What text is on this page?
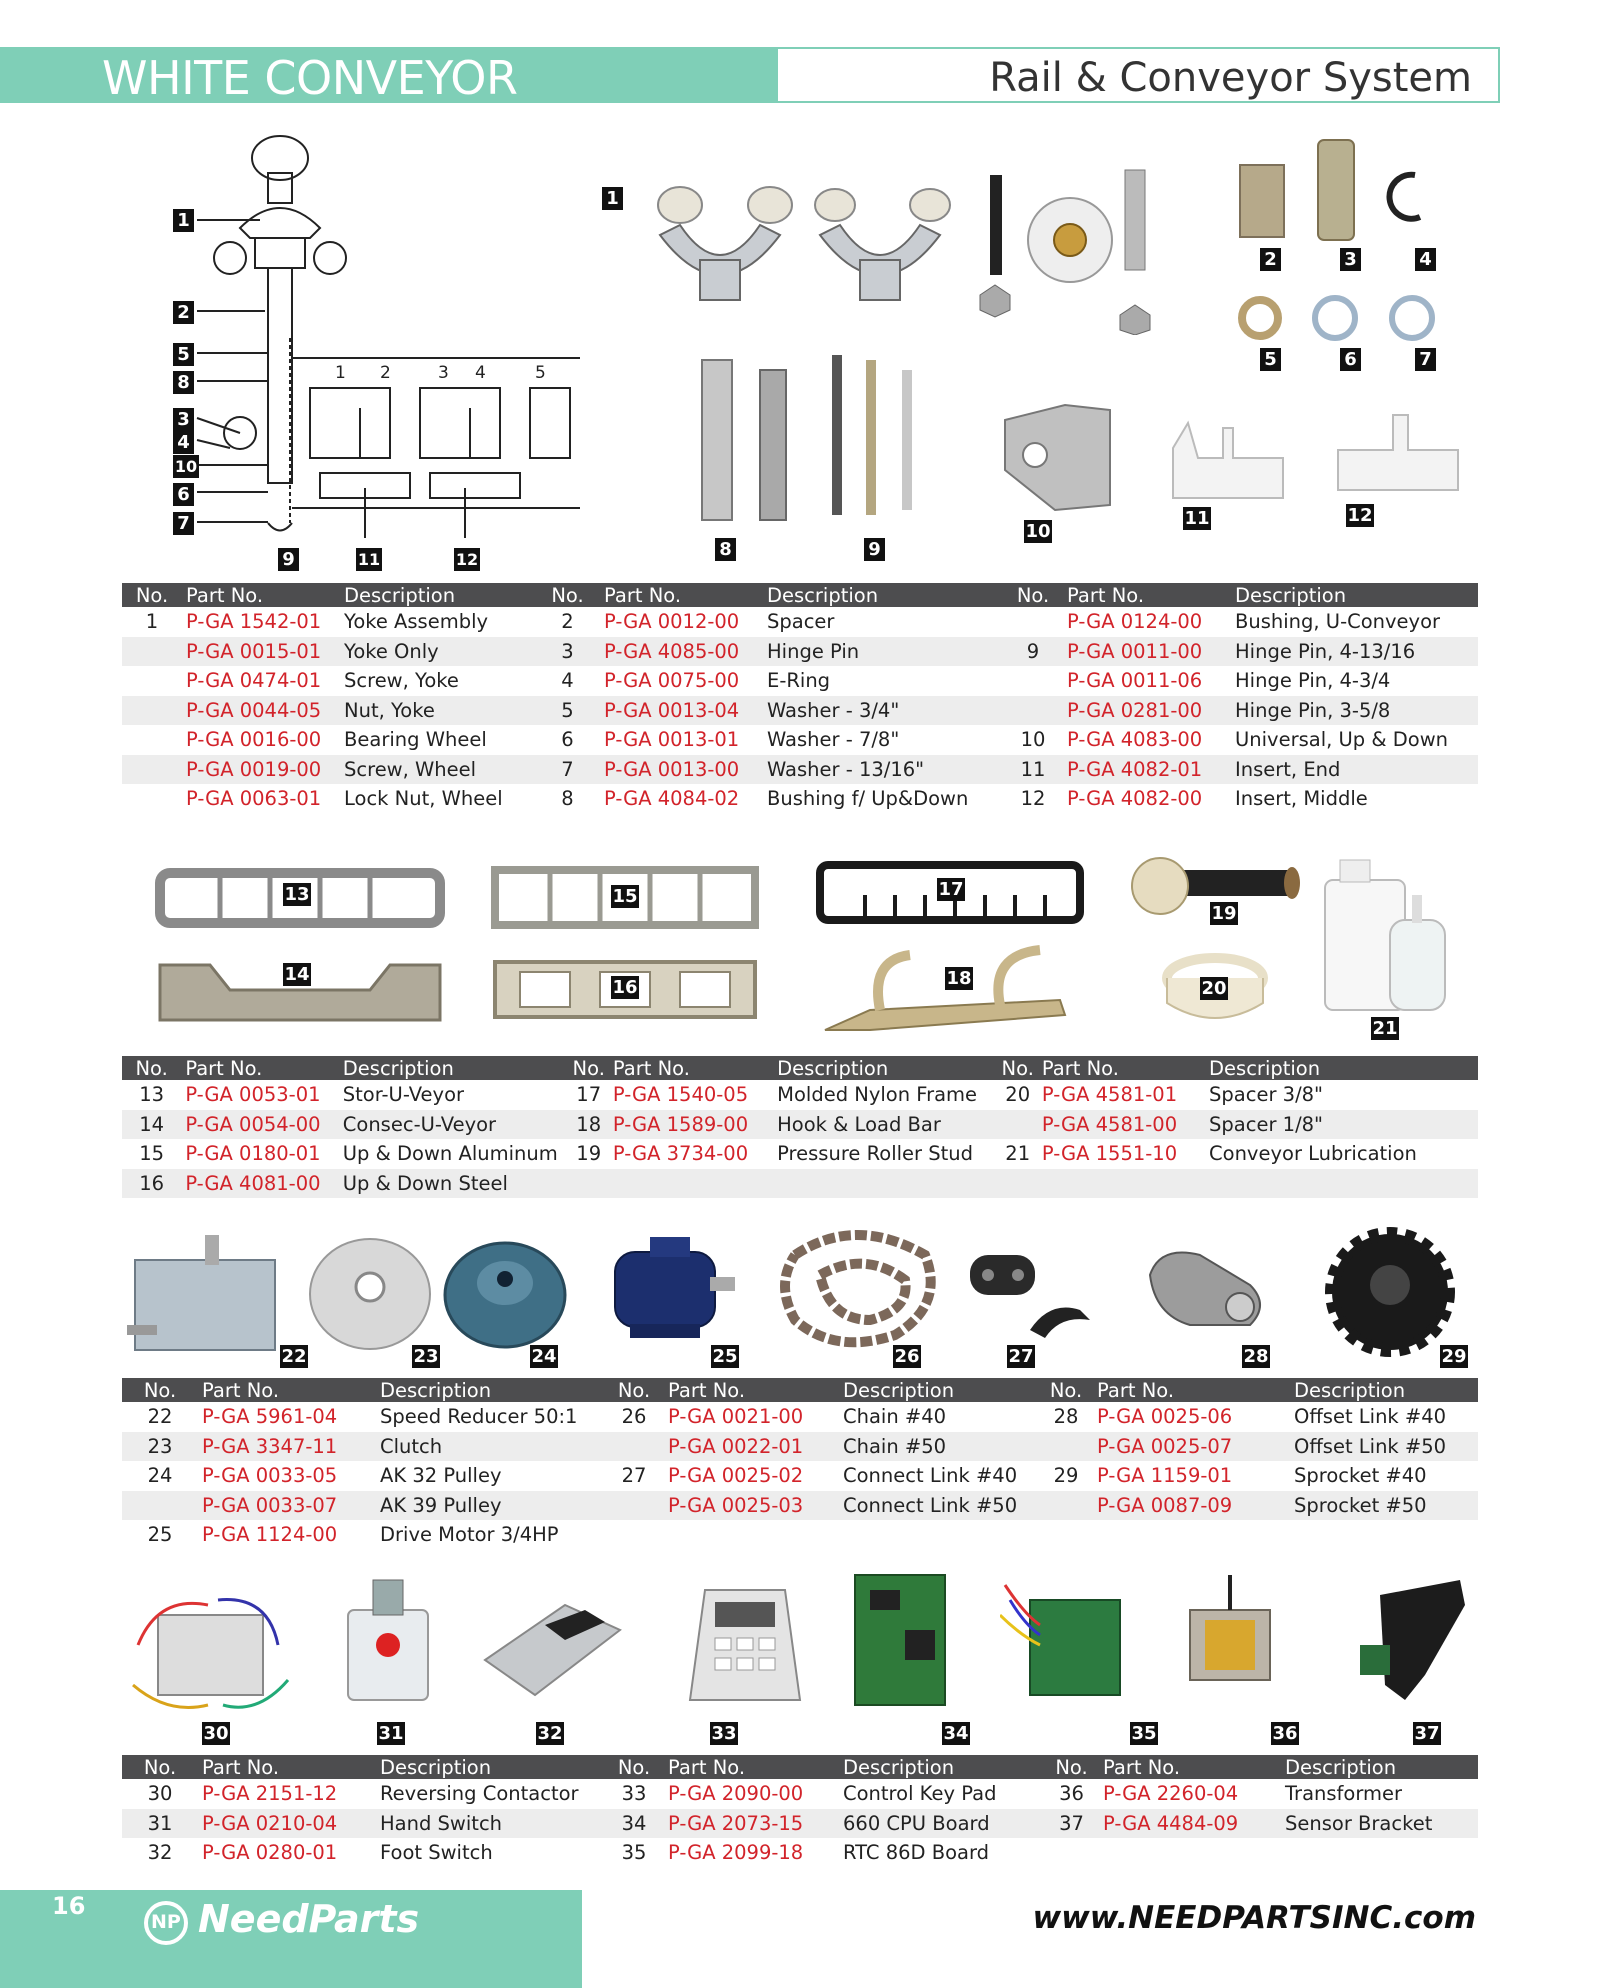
WHITE CONVEYOR	Rail & Conveyor System
1 2	3 4	5
1
2
5
8
3
4
10
6
7
9	11	12
1
2	3	4
5	6	7
8	9
10
11	12
No.	Part No.	Description	No.	Part No.	Description	No.	Part No.	Description
1	P-GA 1542-01	Yoke Assembly	2	P-GA 0012-00	Spacer		P-GA 0124-00	Bushing, U-Conveyor
	P-GA 0015-01	Yoke Only	3	P-GA 4085-00	Hinge Pin	9	P-GA 0011-00	Hinge Pin, 4-13/16
	P-GA 0474-01	Screw, Yoke	4	P-GA 0075-00	E-Ring		P-GA 0011-06	Hinge Pin, 4-3/4
	P-GA 0044-05	Nut, Yoke	5	P-GA 0013-04	Washer - 3/4"		P-GA 0281-00	Hinge Pin, 3-5/8
	P-GA 0016-00	Bearing Wheel	6	P-GA 0013-01	Washer - 7/8"	10	P-GA 4083-00	Universal, Up & Down
	P-GA 0019-00	Screw, Wheel	7	P-GA 0013-00	Washer - 13/16"	11	P-GA 4082-01	Insert, End
	P-GA 0063-01	Lock Nut, Wheel	8	P-GA 4084-02	Bushing f/ Up&Down	12	P-GA 4082-00	Insert, Middle
13
14
15
16
17
18
19
20
21
No.	Part No.	Description	No.	Part No.	Description	No.	Part No.	Description
13	P-GA 0053-01	Stor-U-Veyor	17	P-GA 1540-05	Molded Nylon Frame	20	P-GA 4581-01	Spacer 3/8"
14	P-GA 0054-00	Consec-U-Veyor	18	P-GA 1589-00	Hook & Load Bar		P-GA 4581-00	Spacer 1/8"
15	P-GA 0180-01	Up & Down Aluminum	19	P-GA 3734-00	Pressure Roller Stud	21	P-GA 1551-10	Conveyor Lubrication
16	P-GA 4081-00	Up & Down Steel						
22	23	24	25	26	27	28	29
No.	Part No.	Description	No.	Part No.	Description	No.	Part No.	Description
22	P-GA 5961-04	Speed Reducer 50:1	26	P-GA 0021-00	Chain #40	28	P-GA 0025-06	Offset Link #40
23	P-GA 3347-11	Clutch		P-GA 0022-01	Chain #50		P-GA 0025-07	Offset Link #50
24	P-GA 0033-05	AK 32 Pulley	27	P-GA 0025-02	Connect Link #40	29	P-GA 1159-01	Sprocket #40
	P-GA 0033-07	AK 39 Pulley		P-GA 0025-03	Connect Link #50		P-GA 0087-09	Sprocket #50
25	P-GA 1124-00	Drive Motor 3/4HP						
30	31	32	33	34	35	36	37
No.	Part No.	Description	No.	Part No.	Description	No.	Part No.	Description
30	P-GA 2151-12	Reversing Contactor	33	P-GA 2090-00	Control Key Pad	36	P-GA 2260-04	Transformer
31	P-GA 0210-04	Hand Switch	34	P-GA 2073-15	660 CPU Board	37	P-GA 4484-09	Sensor Bracket
32	P-GA 0280-01	Foot Switch	35	P-GA 2099-18	RTC 86D Board			
16
NP NeedParts	www.NEEDPARTSINC.com
